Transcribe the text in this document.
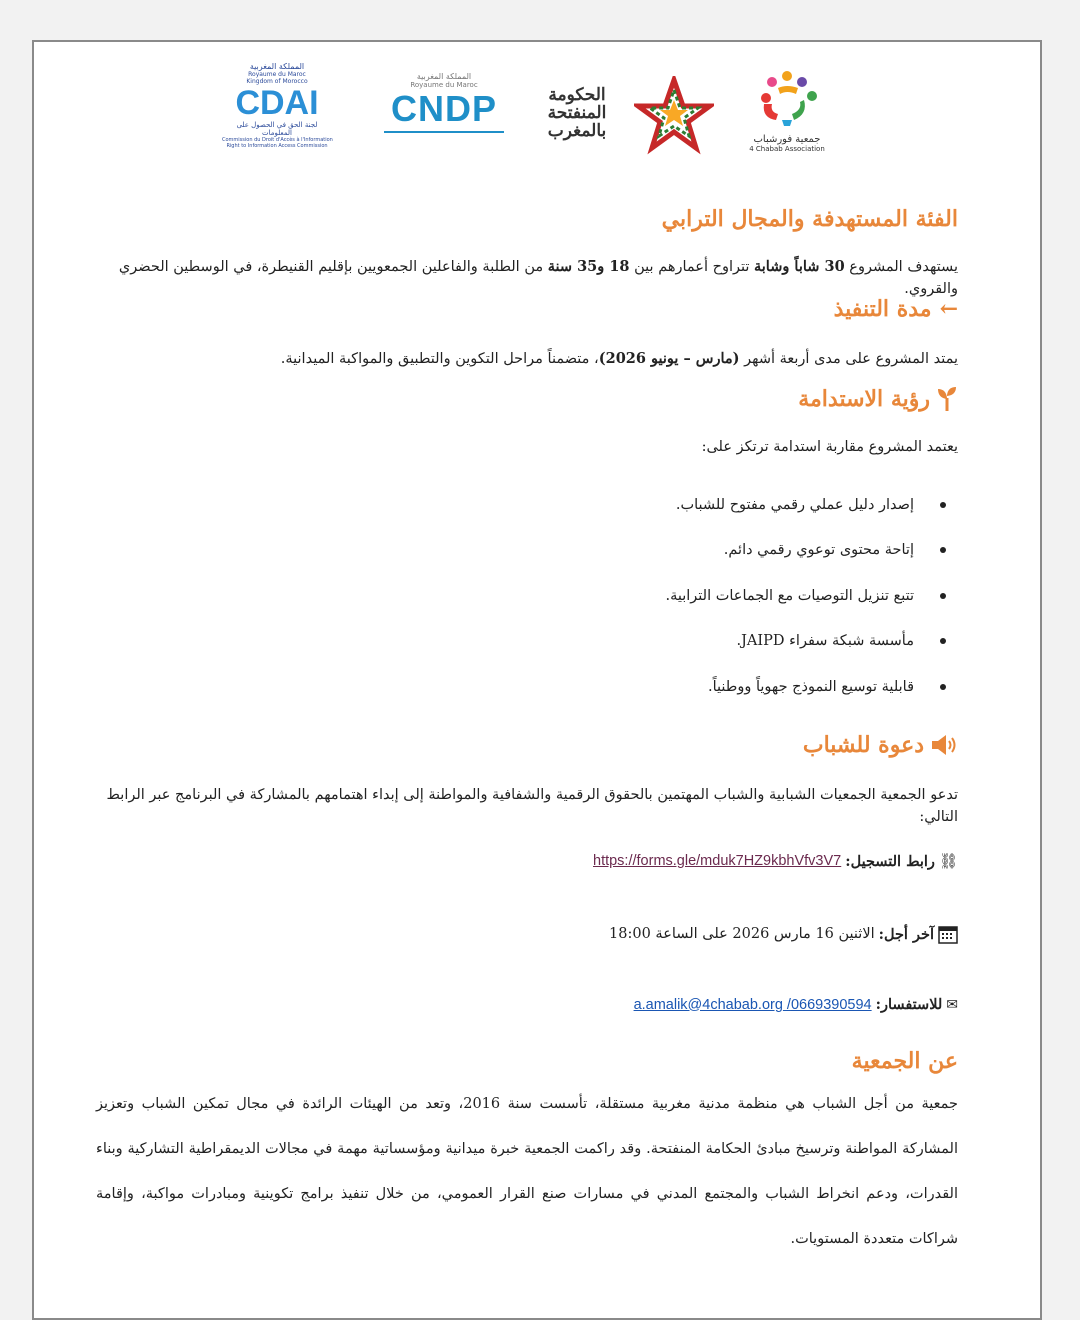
جمعية فورشباب
4 Chabab Association
الحكومة
المنفتحة
بالمغرب
المملكة المغربية
Royaume du Maroc
CNDP
المملكة المغربية
Royaume du Maroc
Kingdom of Morocco
CDAI
لجنة الحق في الحصول على المعلومات
Commission du Droit d'Accès à l'Information
Right to Information Access Commission
الفئة المستهدفة والمجال الترابي
يستهدف المشروع 30 شاباً وشابة تتراوح أعمارهم بين 18 و35 سنة من الطلبة والفاعلين الجمعويين بإقليم القنيطرة، في الوسطين الحضري والقروي.
←
مدة التنفيذ
يمتد المشروع على مدى أربعة أشهر (مارس – يونيو 2026)، متضمناً مراحل التكوين والتطبيق والمواكبة الميدانية.
رؤية الاستدامة
يعتمد المشروع مقاربة استدامة ترتكز على:
إصدار دليل عملي رقمي مفتوح للشباب.
إتاحة محتوى توعوي رقمي دائم.
تتبع تنزيل التوصيات مع الجماعات الترابية.
مأسسة شبكة سفراء JAIPD.
قابلية توسيع النموذج جهوياً ووطنياً.
دعوة للشباب
تدعو الجمعية الجمعيات الشبابية والشباب المهتمين بالحقوق الرقمية والشفافية والمواطنة إلى إبداء اهتمامهم بالمشاركة في البرنامج عبر الرابط التالي:
⛓
رابط التسجيل:
https://forms.gle/mduk7HZ9kbhVfv3V7
آخر أجل:
الاثنين 16 مارس 2026 على الساعة 18:00
✉
للاستفسار:
0669390594/ a.amalik@4chabab.org
عن الجمعية
جمعية من أجل الشباب هي منظمة مدنية مغربية مستقلة، تأسست سنة 2016، وتعد من الهيئات الرائدة في مجال تمكين الشباب وتعزيز المشاركة المواطنة وترسيخ مبادئ الحكامة المنفتحة. وقد راكمت الجمعية خبرة ميدانية ومؤسساتية مهمة في مجالات الديمقراطية التشاركية وبناء القدرات، ودعم انخراط الشباب والمجتمع المدني في مسارات صنع القرار العمومي، من خلال تنفيذ برامج تكوينية ومبادرات مواكبة، وإقامة شراكات متعددة المستويات.
